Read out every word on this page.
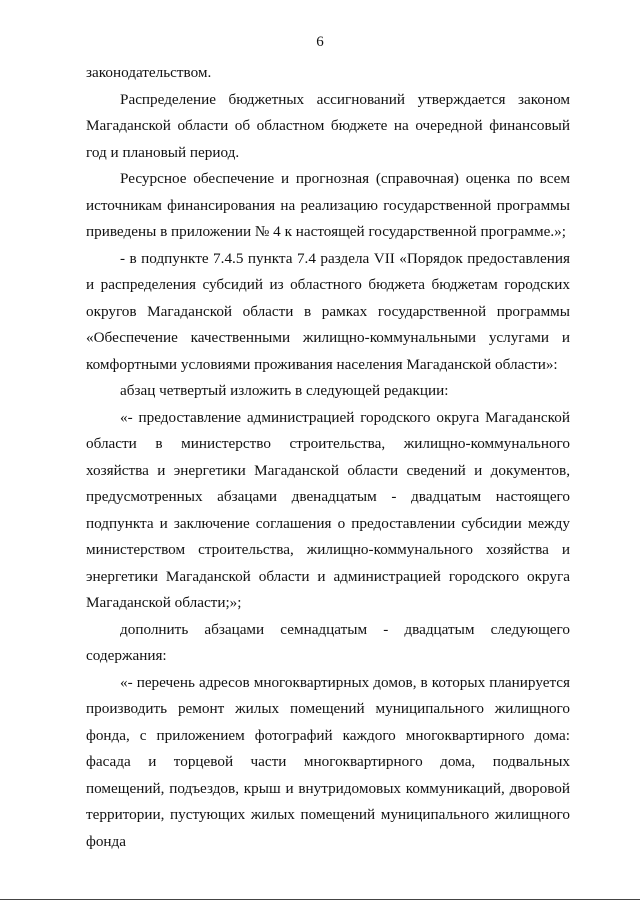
6

законодательством.

Распределение бюджетных ассигнований утверждается законом Магаданской области об областном бюджете на очередной финансовый год и плановый период.

Ресурсное обеспечение и прогнозная (справочная) оценка по всем источникам финансирования на реализацию государственной программы приведены в приложении № 4 к настоящей государственной программе.»;

- в подпункте 7.4.5 пункта 7.4 раздела VII «Порядок предоставления и распределения субсидий из областного бюджета бюджетам городских округов Магаданской области в рамках государственной программы «Обеспечение качественными жилищно-коммунальными услугами и комфортными условиями проживания населения Магаданской области»:

абзац четвертый изложить в следующей редакции:

«- предоставление администрацией городского округа Магаданской области в министерство строительства, жилищно-коммунального хозяйства и энергетики Магаданской области сведений и документов, предусмотренных абзацами двенадцатым - двадцатым настоящего подпункта и заключение соглашения о предоставлении субсидии между министерством строительства, жилищно-коммунального хозяйства и энергетики Магаданской области и администрацией городского округа Магаданской области;»;

дополнить абзацами семнадцатым - двадцатым следующего содержания:

«- перечень адресов многоквартирных домов, в которых планируется производить ремонт жилых помещений муниципального жилищного фонда, с приложением фотографий каждого многоквартирного дома: фасада и торцевой части многоквартирного дома, подвальных помещений, подъездов, крыш и внутридомовых коммуникаций, дворовой территории, пустующих жилых помещений муниципального жилищного фонда
